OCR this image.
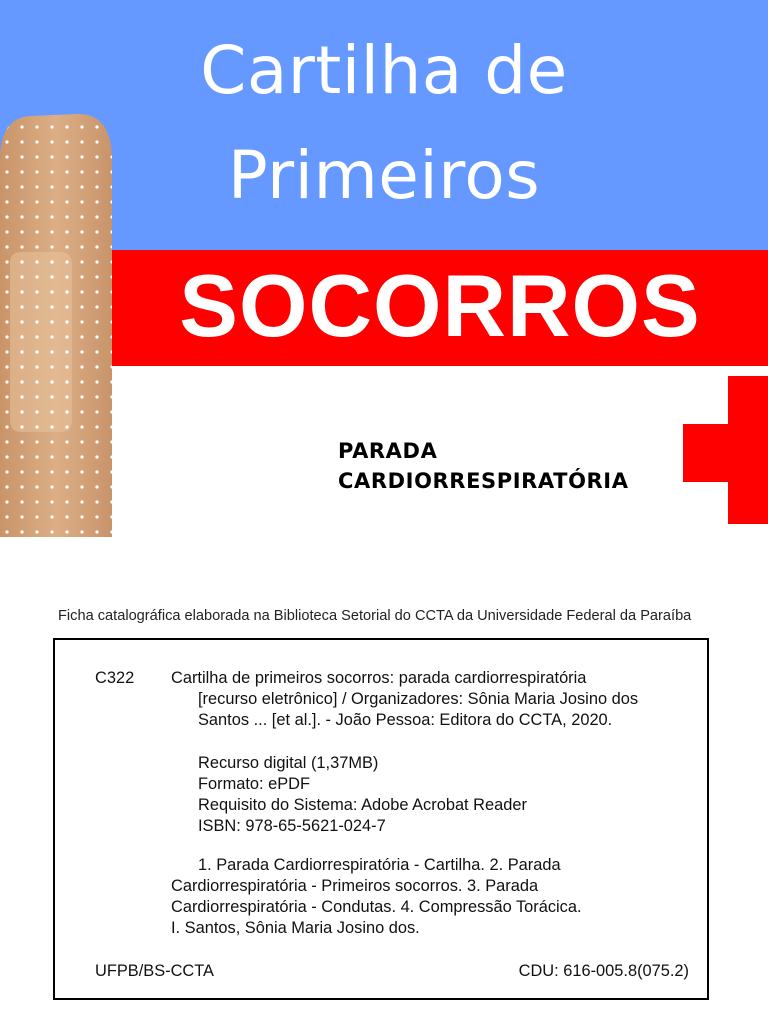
Cartilha de
Primeiros
SOCORROS
PARADA
CARDIORRESPIRATÓRIA
Ficha catalográfica elaborada na Biblioteca Setorial do CCTA da Universidade Federal da Paraíba
C322 Cartilha de primeiros socorros: parada cardiorrespiratória
[recurso eletrônico] / Organizadores: Sônia Maria Josino dos
Santos ... [et al.]. - João Pessoa: Editora do CCTA, 2020.
Recurso digital (1,37MB)
Formato: ePDF
Requisito do Sistema: Adobe Acrobat Reader
ISBN: 978-65-5621-024-7
1. Parada Cardiorrespiratória - Cartilha. 2. Parada
Cardiorrespiratória - Primeiros socorros. 3. Parada
Cardiorrespiratória - Condutas. 4. Compressão Torácica.
I. Santos, Sônia Maria Josino dos.
UFPB/BS-CCTA	CDU: 616-005.8(075.2)
